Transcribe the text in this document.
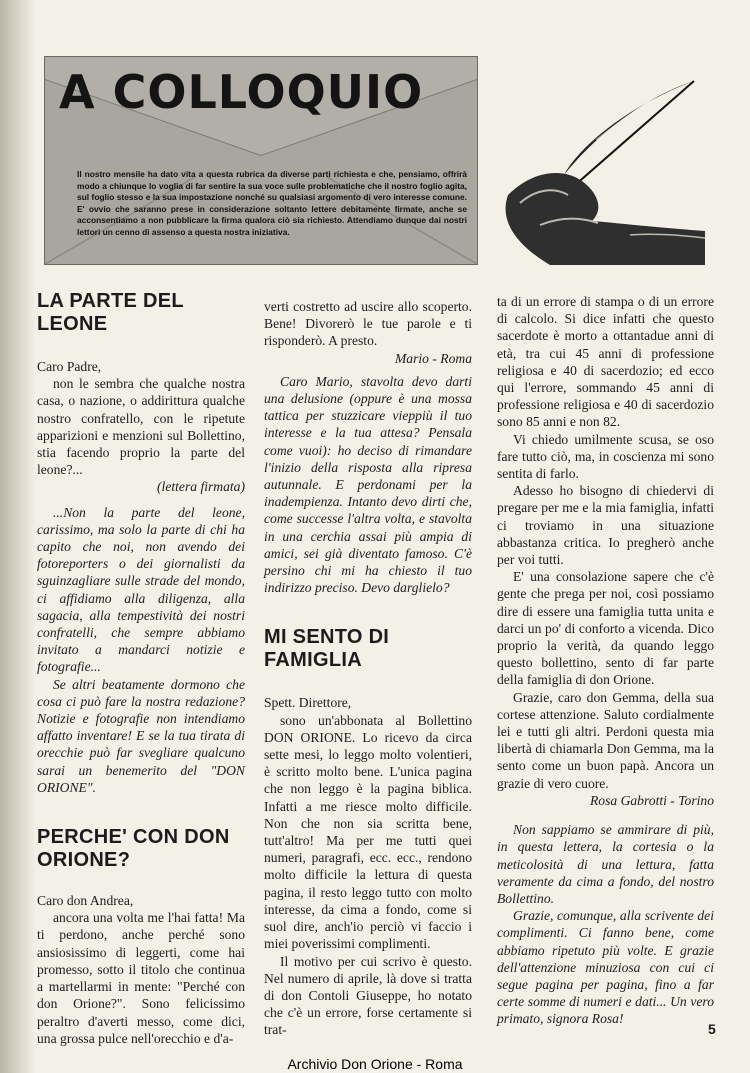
A COLLOQUIO
Il nostro mensile ha dato vita a questa rubrica da diverse parti richiesta e che, pensiamo, offrirà modo a chiunque lo voglia di far sentire la sua voce sulle problematiche che il nostro foglio agita, sul foglio stesso e la sua impostazione nonché su qualsiasi argomento di vero interesse comune. E' ovvio che saranno prese in considerazione soltanto lettere debitamente firmate, anche se acconsentiamo a non pubblicare la firma qualora ciò sia richiesto. Attendiamo dunque dai nostri lettori un cenno di assenso a questa nostra iniziativa.
LA PARTE DEL LEONE

Caro Padre,

non le sembra che qualche nostra casa, o nazione, o addirittura qualche nostro confratello, con le ripetute apparizioni e menzioni sul Bollettino, stia facendo proprio la parte del leone?...

(lettera firmata)

...Non la parte del leone, carissimo, ma solo la parte di chi ha capito che noi, non avendo dei fotoreporters o dei giornalisti da sguinzagliare sulle strade del mondo, ci affidiamo alla diligenza, alla sagacia, alla tempestività dei nostri confratelli, che sempre abbiamo invitato a mandarci notizie e fotografie...

Se altri beatamente dormono che cosa ci può fare la nostra redazione? Notizie e fotografie non intendiamo affatto inventare! E se la tua tirata di orecchie può far svegliare qualcuno sarai un benemerito del "DON ORIONE".

PERCHE' CON DON ORIONE?

Caro don Andrea,

ancora una volta me l'hai fatta! Ma ti perdono, anche perché sono ansiosissimo di leggerti, come hai promesso, sotto il titolo che continua a martellarmi in mente: "Perché con don Orione?". Sono felicissimo peraltro d'averti messo, come dici, una grossa pulce nell'orecchio e d'a-

verti costretto ad uscire allo scoperto. Bene! Divorerò le tue parole e ti risponderò. A presto.

Mario - Roma

Caro Mario, stavolta devo darti una delusione (oppure è una mossa tattica per stuzzicare vieppiù il tuo interesse e la tua attesa? Pensala come vuoi): ho deciso di rimandare l'inizio della risposta alla ripresa autunnale. E perdonami per la inadempienza. Intanto devo dirti che, come successe l'altra volta, e stavolta in una cerchia assai più ampia di amici, sei già diventato famoso. C'è persino chi mi ha chiesto il tuo indirizzo preciso. Devo darglielo?

MI SENTO DI FAMIGLIA

Spett. Direttore,

sono un'abbonata al Bollettino DON ORIONE. Lo ricevo da circa sette mesi, lo leggo molto volentieri, è scritto molto bene. L'unica pagina che non leggo è la pagina biblica. Infatti a me riesce molto difficile. Non che non sia scritta bene, tutt'altro! Ma per me tutti quei numeri, paragrafi, ecc. ecc., rendono molto difficile la lettura di questa pagina, il resto leggo tutto con molto interesse, da cima a fondo, come si suol dire, anch'io perciò vi faccio i miei poverissimi complimenti.

Il motivo per cui scrivo è questo. Nel numero di aprile, là dove si tratta di don Contoli Giuseppe, ho notato che c'è un errore, forse certamente si trat-

ta di un errore di stampa o di un errore di calcolo. Si dice infatti che questo sacerdote è morto a ottantadue anni di età, tra cui 45 anni di professione religiosa e 40 di sacerdozio; ed ecco qui l'errore, sommando 45 anni di professione religiosa e 40 di sacerdozio sono 85 anni e non 82.

Vi chiedo umilmente scusa, se oso fare tutto ciò, ma, in coscienza mi sono sentita di farlo.

Adesso ho bisogno di chiedervi di pregare per me e la mia famiglia, infatti ci troviamo in una situazione abbastanza critica. Io pregherò anche per voi tutti.

E' una consolazione sapere che c'è gente che prega per noi, così possiamo dire di essere una famiglia tutta unita e darci un po' di conforto a vicenda. Dico proprio la verità, da quando leggo questo bollettino, sento di far parte della famiglia di don Orione.

Grazie, caro don Gemma, della sua cortese attenzione. Saluto cordialmente lei e tutti gli altri. Perdoni questa mia libertà di chiamarla Don Gemma, ma la sento come un buon papà. Ancora un grazie di vero cuore.

Rosa Gabrotti - Torino

Non sappiamo se ammirare di più, in questa lettera, la cortesia o la meticolosità di una lettura, fatta veramente da cima a fondo, del nostro Bollettino.

Grazie, comunque, alla scrivente dei complimenti. Ci fanno bene, come abbiamo ripetuto più volte. E grazie dell'attenzione minuziosa con cui ci segue pagina per pagina, fino a far certe somme di numeri e dati... Un vero primato, signora Rosa!

5
Archivio Don Orione - Roma
